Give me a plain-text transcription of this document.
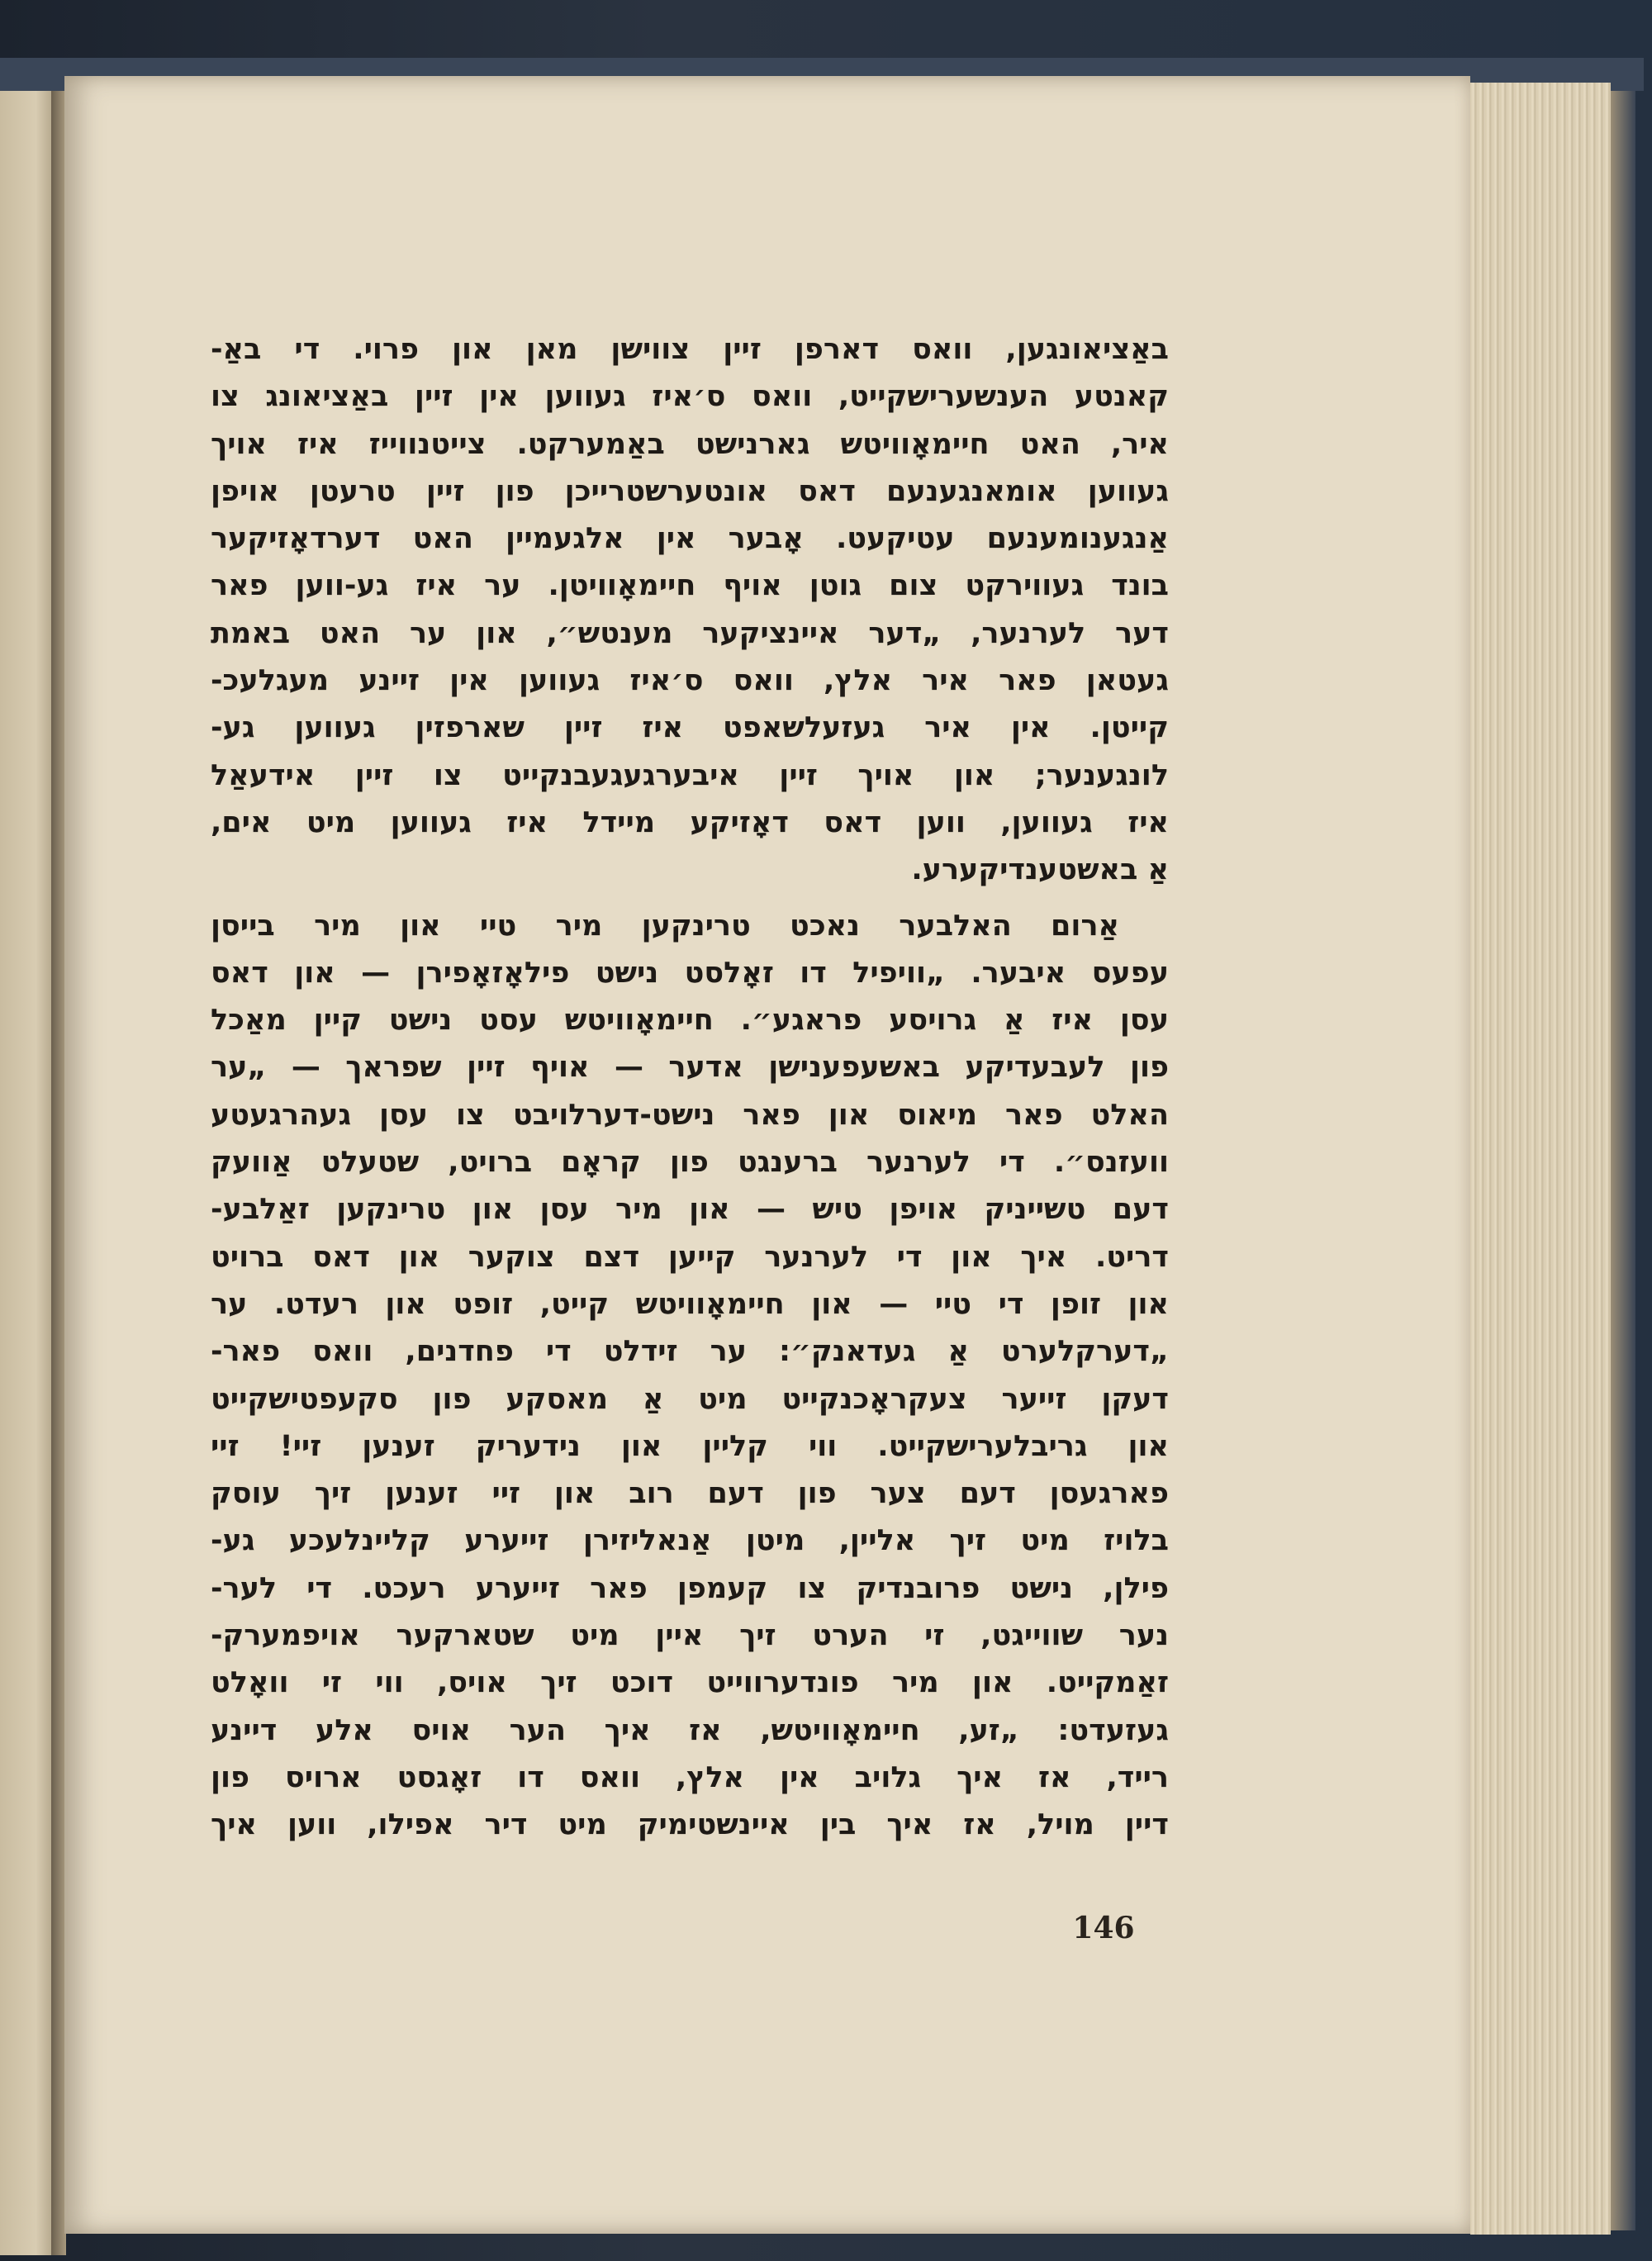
באַציאונגען, וואס דארפן זיין צווישן מאן און פרוי. די באַ-
קאנטע הענשערישקייט, וואס ס׳איז געווען אין זיין באַציאונג צו
איר, האט חיימאָוויטש גארנישט באַמערקט. צייטנווייז איז אויך
געווען אומאנגענעם דאס אונטערשטרייכן פון זיין טרעטן אויפן
אַנגענומענעם עטיקעט. אָבער אין אלגעמיין האט דערדאָזיקער
בונד געווירקט צום גוטן אויף חיימאָוויטן. ער איז גע-ווען פאר
דער לערנער, „דער איינציקער מענטש״, און ער האט באמת
געטאן פאר איר אלץ, וואס ס׳איז געווען אין זיינע מעגלעכ-
קייטן. אין איר געזעלשאפט איז זיין שארפזין געווען גע-
לונגענער; און אויך זיין איבערגעגעבנקייט צו זיין אידעאַל
איז געווען, ווען דאס דאָזיקע מיידל איז געווען מיט אים,
אַ באשטענדיקערע.
אַרום האלבער נאכט טרינקען מיר טיי און מיר בייסן
עפעס איבער. „וויפיל דו זאָלסט נישט פילאָזאָפירן — און דאס
עסן איז אַ גרויסע פראגע״. חיימאָוויטש עסט נישט קיין מאַכל
פון לעבעדיקע באשעפענישן אדער — אויף זיין שפראך — „ער
האלט פאר מיאוס און פאר נישט-דערלויבט צו עסן געהרגעטע
וועזנס״. די לערנער ברענגט פון קראָם ברויט, שטעלט אַוועק
דעם טשייניק אויפן טיש — און מיר עסן און טרינקען זאַלבע-
דריט. איך און די לערנער קייען דצם צוקער און דאס ברויט
און זופן די טיי — און חיימאָוויטש קייט, זופט און רעדט. ער
„דערקלערט אַ געדאנק״: ער זידלט די פחדנים, וואס פאר-
דעקן זייער צעקראָכנקייט מיט אַ מאסקע פון סקעפטישקייט
און גריבלערישקייט. ווי קליין און נידעריק זענען זיי! זיי
פארגעסן דעם צער פון דעם רוב און זיי זענען זיך עוסק
בלויז מיט זיך אליין, מיטן אַנאליזירן זייערע קליינלעכע גע-
פילן, נישט פרובנדיק צו קעמפן פאר זייערע רעכט. די לער-
נער שווייגט, זי הערט זיך איין מיט שטארקער אויפמערק-
זאַמקייט. און מיר פונדערווייט דוכט זיך אויס, ווי זי וואָלט
געזעדט: „זע, חיימאָוויטש, אז איך הער אויס אלע דיינע
רייד, אז איך גלויב אין אלץ, וואס דו זאָגסט ארויס פון
דיין מויל, אז איך בין איינשטימיק מיט דיר אפילו, ווען איך
146
